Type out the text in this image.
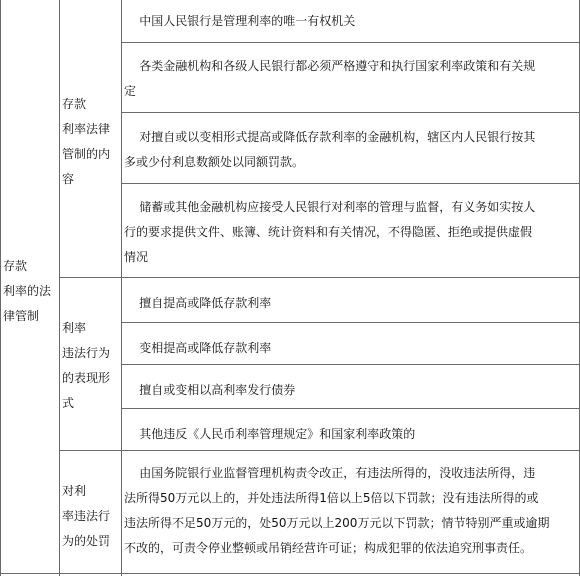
存款
利率的法
律管制
存款
利率法律
管制的内
容
利率
违法行为
的表现形
式
对利
率违法行
为的处罚
中国人民银行是管理利率的唯一有权机关
各类金融机构和各级人民银行都必须严格遵守和执行国家利率政策和有关规
定
对擅自或以变相形式提高或降低存款利率的金融机构，辖区内人民银行按其
多或少付利息数额处以同额罚款。
储蓄或其他金融机构应接受人民银行对利率的管理与监督，有义务如实按人
行的要求提供文件、账簿、统计资料和有关情况，不得隐匿、拒绝或提供虚假
情况
擅自提高或降低存款利率
变相提高或降低存款利率
擅自或变相以高利率发行债券
其他违反《人民币利率管理规定》和国家利率政策的
由国务院银行业监督管理机构责令改正，有违法所得的，没收违法所得，违
法所得50万元以上的，并处违法所得1倍以上5倍以下罚款；没有违法所得的或
违法所得不足50万元的，处50万元以上200万元以下罚款；情节特别严重或逾期
不改的，可责令停业整顿或吊销经营许可证；构成犯罪的依法追究刑事责任。
